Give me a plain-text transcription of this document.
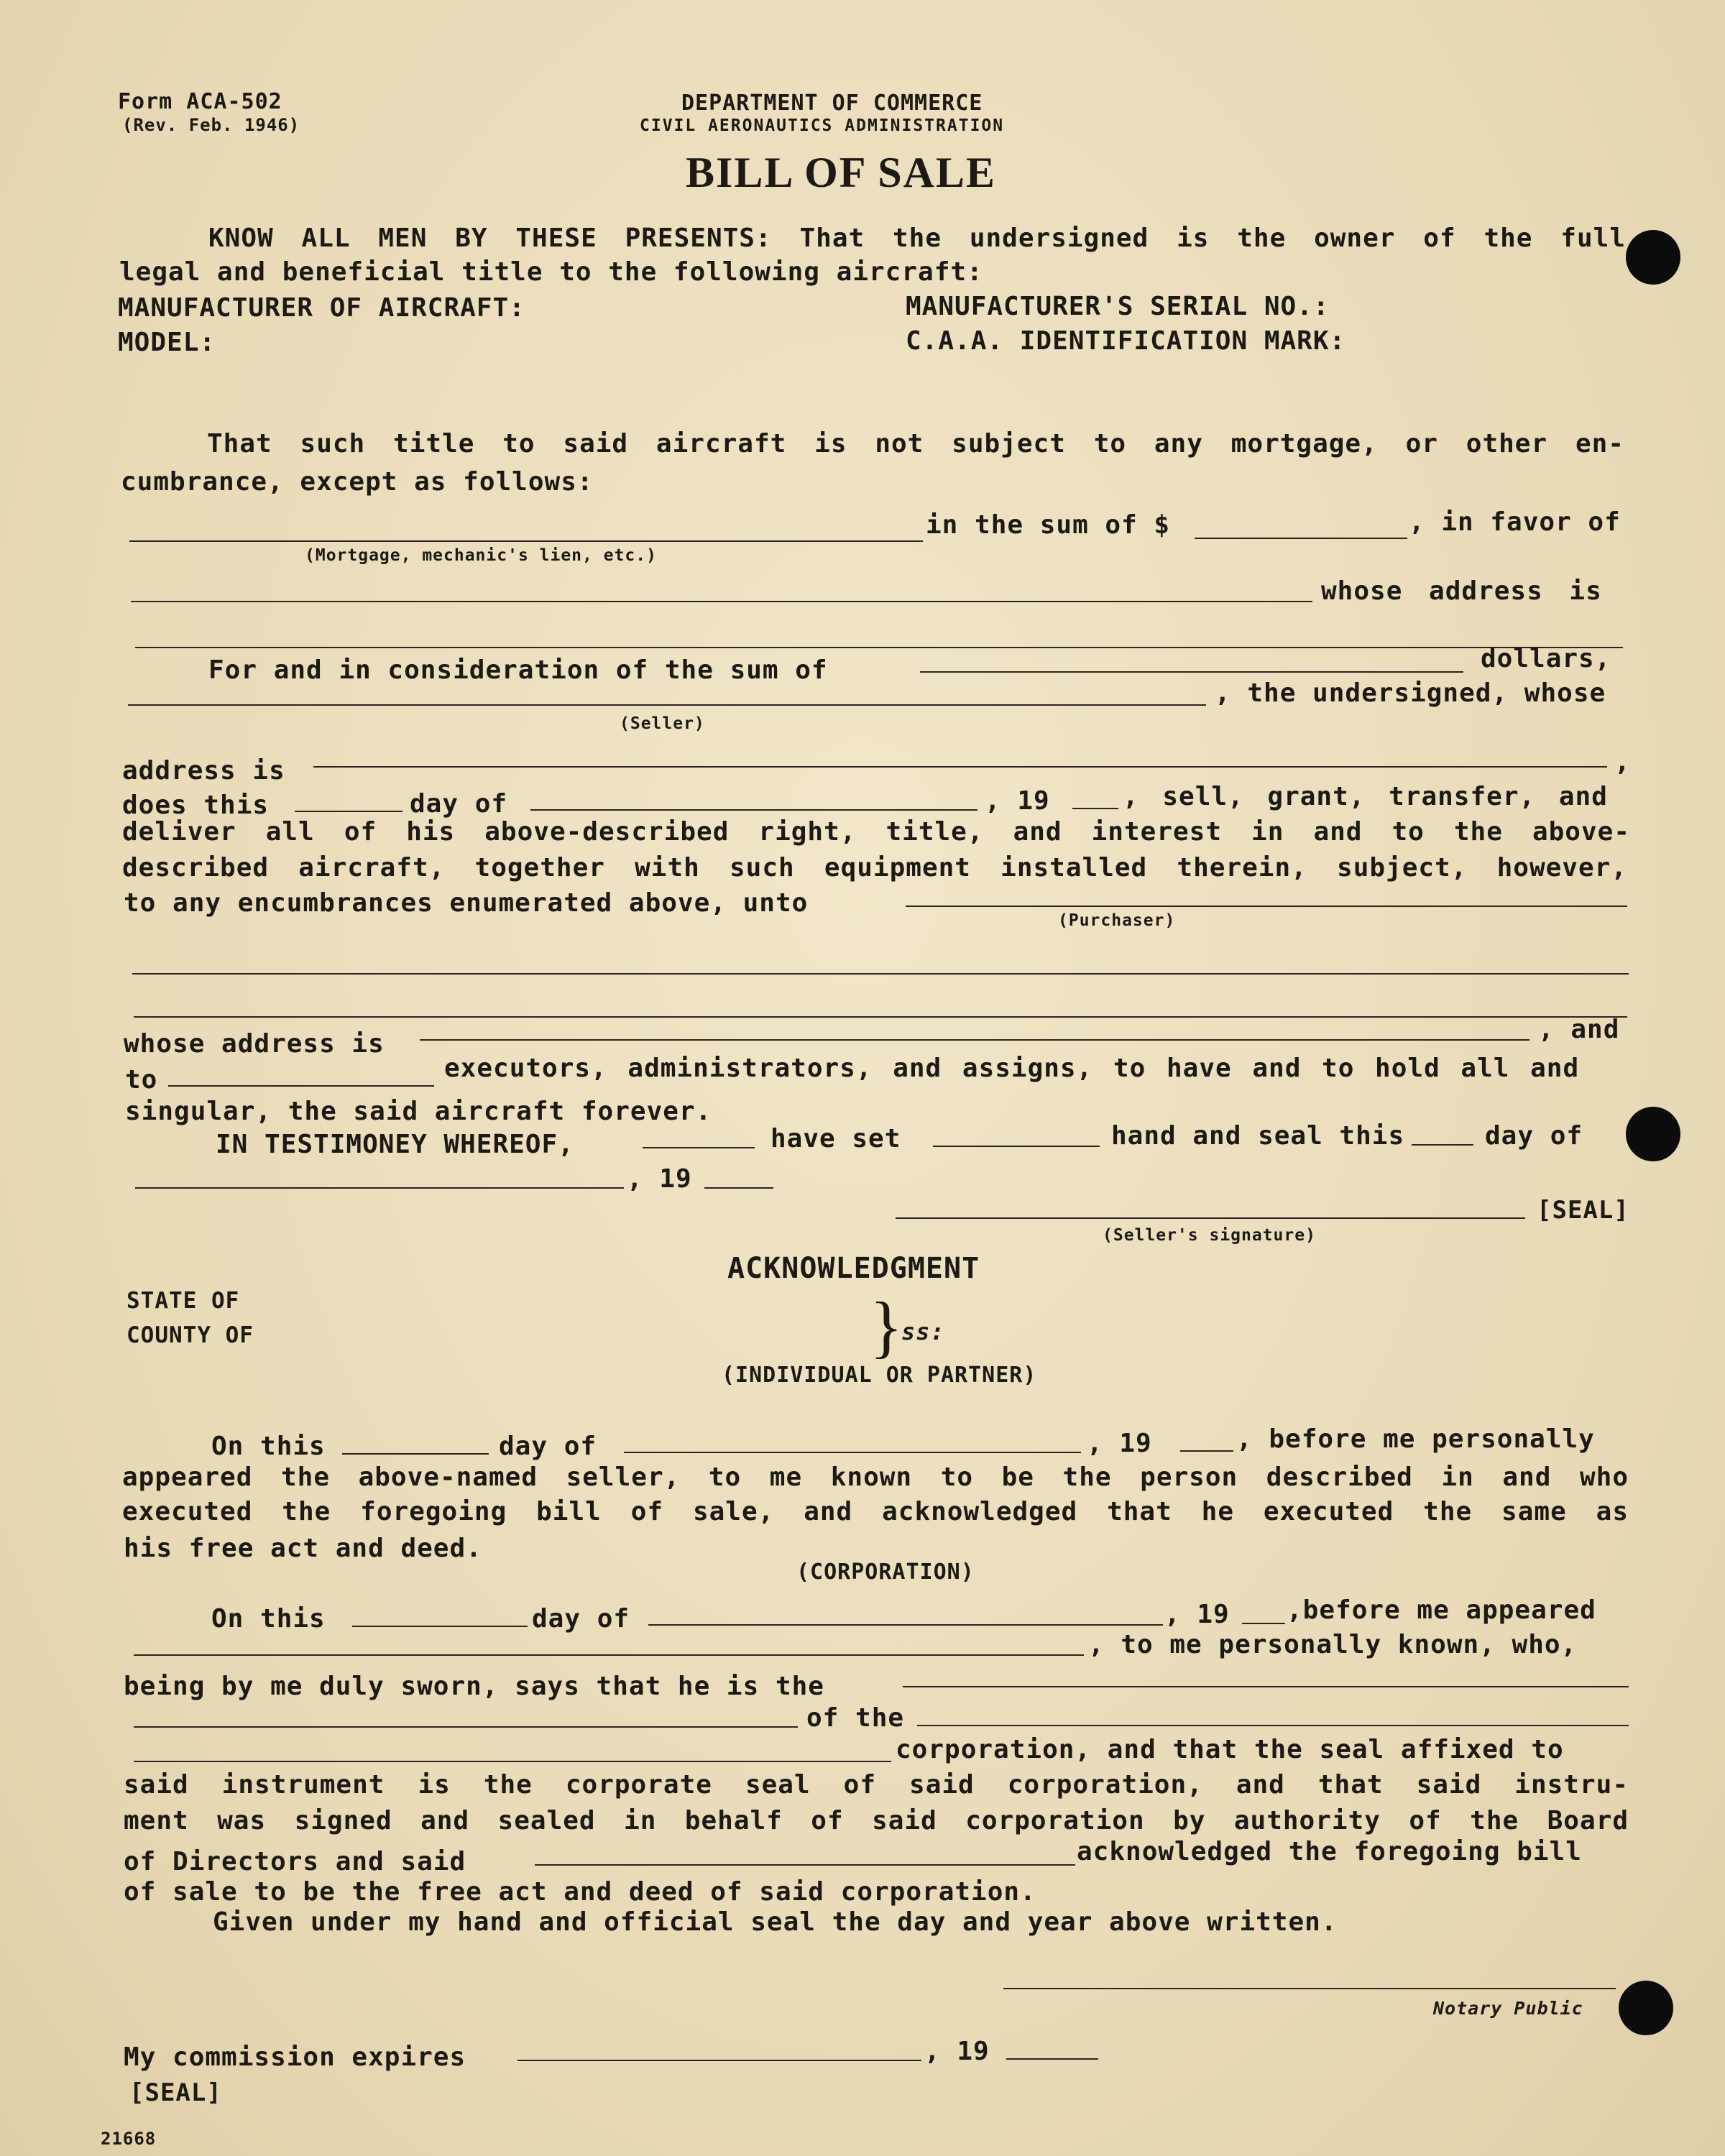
Form ACA-502
(Rev. Feb. 1946)
DEPARTMENT OF COMMERCE
CIVIL AERONAUTICS ADMINISTRATION
BILL OF SALE
KNOW ALL MEN BY THESE PRESENTS: That the undersigned is the owner of the full
legal and beneficial title to the following aircraft:
MANUFACTURER OF AIRCRAFT:	MANUFACTURER'S SERIAL NO.:
MODEL:	C.A.A. IDENTIFICATION MARK:
That such title to said aircraft is not subject to any mortgage, or other en-
cumbrance, except as follows:
in the sum of $	, in favor of
(Mortgage, mechanic's lien, etc.)
whose address is
For and in consideration of the sum of	dollars,
, the undersigned, whose
(Seller)
address is	,
does this	day of	, 19	, sell, grant, transfer, and
deliver all of his above-described right, title, and interest in and to the above-
described aircraft, together with such equipment installed therein, subject, however,
to any encumbrances enumerated above, unto
(Purchaser)
whose address is	, and
to	executors, administrators, and assigns, to have and to hold all and
singular, the said aircraft forever.
IN TESTIMONEY WHEREOF,	have set	hand and seal this	day of
, 19
[SEAL]
(Seller's signature)
ACKNOWLEDGMENT
STATE OF
COUNTY OF	}
ss:
(INDIVIDUAL OR PARTNER)
On this	day of	, 19	, before me personally
appeared the above-named seller, to me known to be the person described in and who
executed the foregoing bill of sale, and acknowledged that he executed the same as
his free act and deed.
(CORPORATION)
On this	day of	, 19 ,before me appeared
, to me personally known, who,
being by me duly sworn, says that he is the
of the
corporation, and that the seal affixed to
said instrument is the corporate seal of said corporation, and that said instru-
ment was signed and sealed in behalf of said corporation by authority of the Board
of Directors and said	acknowledged the foregoing bill
of sale to be the free act and deed of said corporation.
Given under my hand and official seal the day and year above written.
Notary Public
My commission expires	, 19
[SEAL]
21668
